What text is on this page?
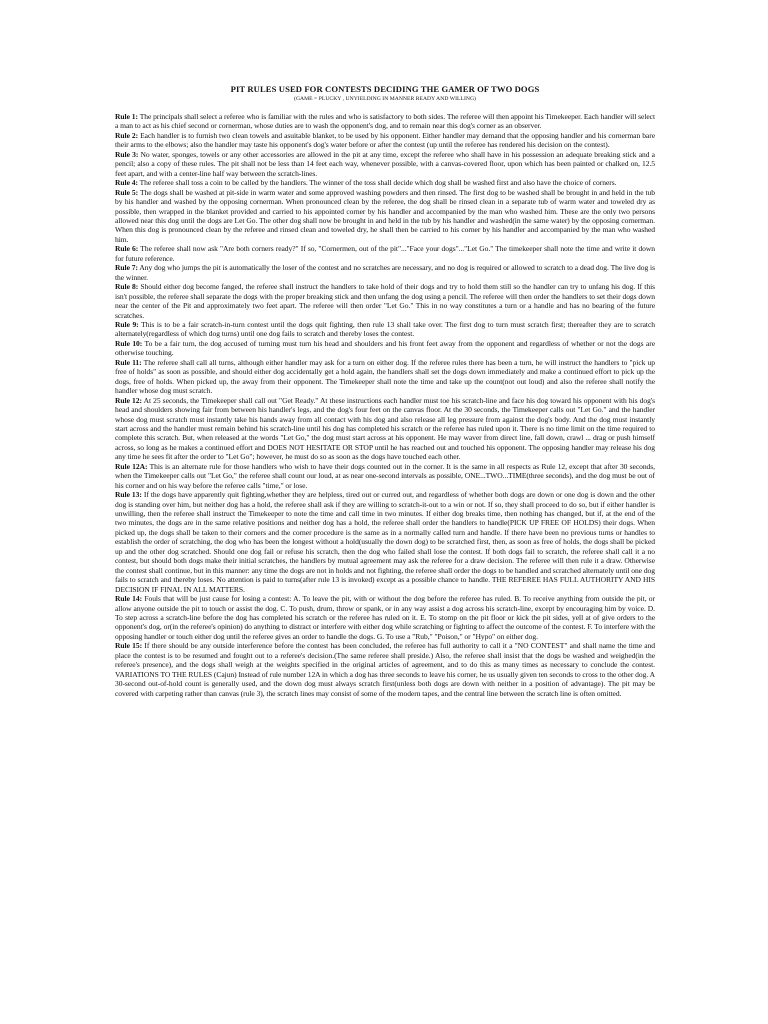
PIT RULES USED FOR CONTESTS DECIDING THE GAMER OF TWO DOGS

(GAME = PLUCKY , UNYIELDING IN MANNER READY AND WILLING)

Rule 1: The principals shall select a referee who is familiar with the rules and who is satisfactory to both sides. The referee will then appoint his Timekeeper. Each handler will select a man to act as his chief second or cornerman, whose duties are to wash the opponent's dog, and to remain near this dog's corner as an observer.

Rule 2: Each handler is to furnish two clean towels and asuitable blanket, to be used by his opponent. Either handler may demand that the opposing handler and his cornerman bare their arms to the elbows; also the handler may taste his opponent's dog's water before or after the contest (up until the referee has rendered his decision on the contest).

Rule 3: No water, sponges, towels or any other accessories are allowed in the pit at any time, except the referee who shall have in his possession an adequate breaking stick and a pencil; also a copy of these rules. The pit shall not be less than 14 feet each way, whenever possible, with a canvas-covered floor, upon which has been painted or chalked on, 12.5 feet apart, and with a center-line half way between the scratch-lines.

Rule 4: The referee shall toss a coin to be called by the handlers. The winner of the toss shall decide which dog shall be washed first and also have the choice of corners.

Rule 5: The dogs shall be washed at pit-side in warm water and some approved washing powders and then rinsed. The first dog to be washed shall be brought in and held in the tub by his handler and washed by the opposing cornerman. When pronounced clean by the referee, the dog shall be rinsed clean in a separate tub of warm water and toweled dry as possible, then wrapped in the blanket provided and carried to his appointed corner by his handler and accompanied by the man who washed him. These are the only two persons allowed near this dog until the dogs are Let Go. The other dog shall now be brought in and held in the tub by his handler and washed(in the same water) by the opposing cornerman. When this dog is pronounced clean by the referee and rinsed clean and toweled dry, he shall then be carried to his corner by his handler and accompanied by the man who washed him.

Rule 6: The referee shall now ask "Are both corners ready?" If so, "Cornermen, out of the pit"..."Face your dogs"..."Let Go." The timekeeper shall note the time and write it down for future reference.

Rule 7: Any dog who jumps the pit is automatically the loser of the contest and no scratches are necessary, and no dog is required or allowed to scratch to a dead dog. The live dog is the winner.

Rule 8: Should either dog become fanged, the referee shall instruct the handlers to take hold of their dogs and try to hold them still so the handler can try to unfang his dog. If this isn't possible, the referee shall separate the dogs with the proper breaking stick and then unfang the dog using a pencil. The referee will then order the handlers to set their dogs down near the center of the Pit and approximately two feet apart. The referee will then order "Let Go." This in no way constitutes a turn or a handle and has no bearing of the future scratches.

Rule 9: This is to be a fair scratch-in-turn contest until the dogs quit fighting, then rule 13 shall take over. The first dog to turn must scratch first; thereafter they are to scratch alternately(regardless of which dog turns) until one dog fails to scratch and thereby loses the contest.

Rule 10: To be a fair turn, the dog accused of turning must turn his head and shoulders and his front feet away from the opponent and regardless of whether or not the dogs are otherwise touching.

Rule 11: The referee shall call all turns, although either handler may ask for a turn on either dog. If the referee rules there has been a turn, he will instruct the handlers to "pick up free of holds" as soon as possible, and should either dog accidentally get a hold again, the handlers shall set the dogs down immediately and make a continued effort to pick up the dogs, free of holds. When picked up, the away from their opponent. The Timekeeper shall note the time and take up the count(not out loud) and also the referee shall notify the handler whose dog must scratch.

Rule 12: At 25 seconds, the Timekeeper shall call out "Get Ready." At these instructions each handler must toe his scratch-line and face his dog toward his opponent with his dog's head and shoulders showing fair from between his handler's legs, and the dog's four feet on the canvas floor. At the 30 seconds, the Timekeeper calls out "Let Go." and the handler whose dog must scratch must instantly take his hands away from all contact with his dog and also release all leg pressure from against the dog's body. And the dog must instantly start across and the handler must remain behind his scratch-line until his dog has completed his scratch or the referee has ruled upon it. There is no time limit on the time required to complete this scratch. But, when released at the words "Let Go," the dog must start across at his opponent. He may waver from direct line, fall down, crawl ... drag or push himself across, so long as he makes a continued effort and DOES NOT HESITATE OR STOP until he has reached out and touched his opponent. The opposing handler may release his dog any time he sees fit after the order to "Let Go"; however, he must do so as soon as the dogs have touched each other.

Rule 12A: This is an alternate rule for those handlers who wish to have their dogs counted out in the corner. It is the same in all respects as Rule 12, except that after 30 seconds, when the Timekeeper calls out "Let Go," the referee shall count our loud, at as near one-second intervals as possible, ONE...TWO...TIME(three seconds), and the dog must be out of his corner and on his way before the referee calls "time," or lose.

Rule 13: If the dogs have apparently quit fighting,whether they are helpless, tired out or curred out, and regardless of whether both dogs are down or one dog is down and the other dog is standing over him, but neither dog has a hold, the referee shall ask if they are willing to scratch-it-out to a win or not. If so, they shall proceed to do so, but if either handler is unwilling, then the referee shall instruct the Timekeeper to note the time and call time in two minutes. If either dog breaks time, then nothing has changed, but if, at the end of the two minutes, the dogs are in the same relative positions and neither dog has a hold, the referee shall order the handlers to handle(PICK UP FREE OF HOLDS) their dogs. When picked up, the dogs shall be taken to their corners and the corner procedure is the same as in a normally called turn and handle. If there have been no previous turns or handles to establish the order of scratching, the dog who has been the longest without a hold(usually the down dog) to be scratched first, then, as soon as free of holds, the dogs shall be picked up and the other dog scratched. Should one dog fail or refuse his scratch, then the dog who failed shall lose the contest. If both dogs fail to scratch, the referee shall call it a no contest, but should both dogs make their initial scratches, the handlers by mutual agreement may ask the referee for a draw decision. The referee will then rule it a draw. Otherwise the contest shall continue, but in this manner: any time the dogs are not in holds and not fighting, the referee shall order the dogs to be handled and scratched alternately until one dog fails to scratch and thereby loses. No attention is paid to turns(after rule 13 is invoked) except as a possible chance to handle. THE REFEREE HAS FULL AUTHORITY AND HIS DECISION IF FINAL IN ALL MATTERS.

Rule 14: Fouls that will be just cause for losing a contest: A. To leave the pit, with or without the dog before the referee has ruled. B. To receive anything from outside the pit, or allow anyone outside the pit to touch or assist the dog. C. To push, drum, throw or spank, or in any way assist a dog across his scratch-line, except by encouraging him by voice. D. To step across a scratch-line before the dog has completed his scratch or the referee has ruled on it. E. To stomp on the pit floor or kick the pit sides, yell at of give orders to the opponent's dog, or(in the referee's opinion) do anything to distract or interfere with either dog while scratching or fighting to affect the outcome of the contest. F. To interfere with the opposing handler or touch either dog until the referee gives an order to handle the dogs. G. To use a "Rub," "Poison," or "Hypo" on either dog.

Rule 15: If there should be any outside interference before the contest has been concluded, the referee has full authority to call it a "NO CONTEST" and shall name the time and place the contest is to be resumed and fought out to a referee's decision.(The same referee shall preside.) Also, the referee shall insist that the dogs be washed and weighed(in the referee's presence), and the dogs shall weigh at the weights specified in the original articles of agreement, and to do this as many times as necessary to conclude the contest. VARIATIONS TO THE RULES (Cajun) Instead of rule number 12A in which a dog has three seconds to leave his corner, he us usually given ten seconds to cross to the other dog. A 30-second out-of-hold count is generally used, and the down dog must always scratch first(unless both dogs are down with neither in a position of advantage). The pit may be covered with carpeting rather than canvas (rule 3), the scratch lines may consist of some of the modern tapes, and the central line between the scratch line is often omitted.
